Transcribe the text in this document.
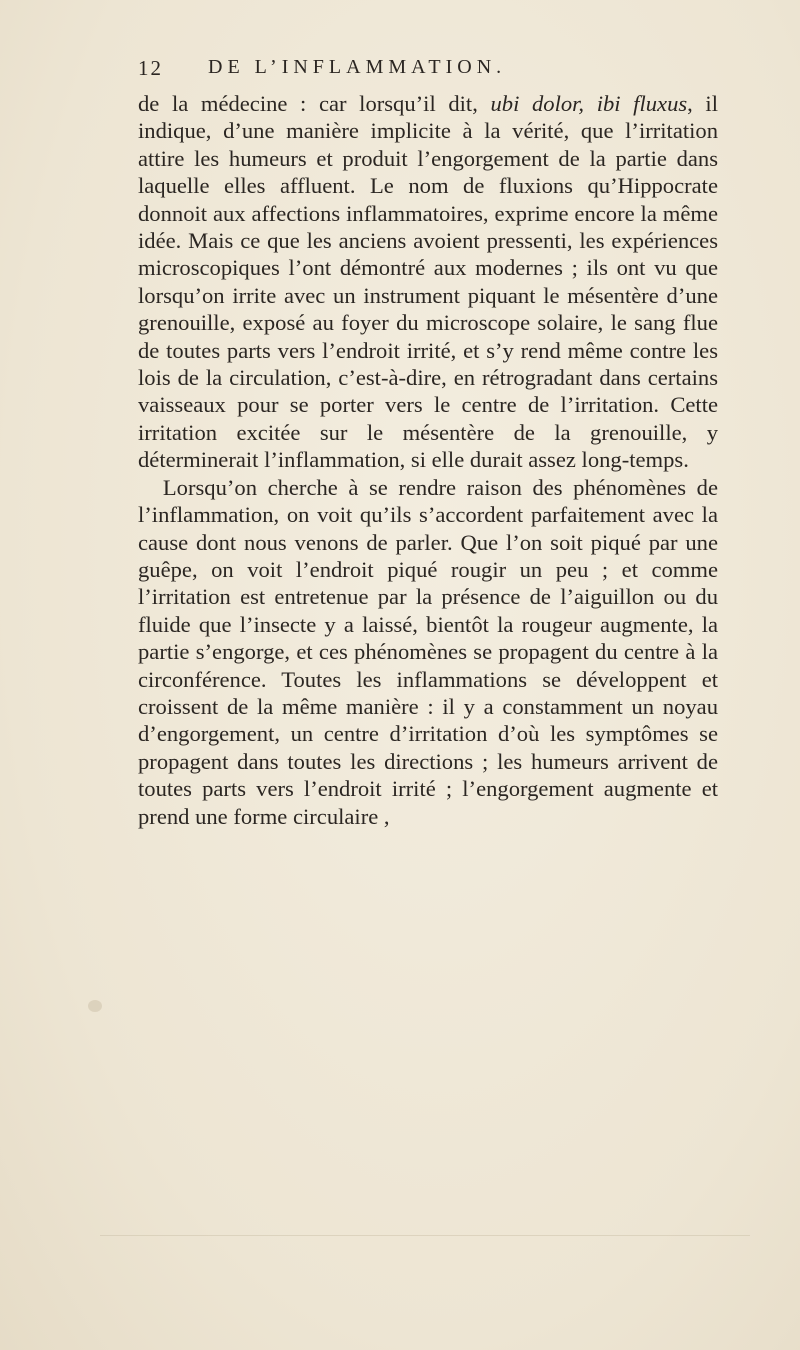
12 DE L’INFLAMMATION.

de la médecine : car lorsqu’il dit, ubi dolor, ibi fluxus, il indique, d’une manière implicite à la vérité, que l’irritation attire les humeurs et produit l’engorgement de la partie dans laquelle elles affluent. Le nom de fluxions qu’Hippocrate donnoit aux affections inflammatoires, exprime encore la même idée. Mais ce que les anciens avoient pressenti, les expériences microscopiques l’ont démontré aux modernes ; ils ont vu que lorsqu’on irrite avec un instrument piquant le mésentère d’une grenouille, exposé au foyer du microscope solaire, le sang flue de toutes parts vers l’endroit irrité, et s’y rend même contre les lois de la circulation, c’est-à-dire, en rétrogradant dans certains vaisseaux pour se porter vers le centre de l’irritation. Cette irritation excitée sur le mésentère de la grenouille, y déterminerait l’inflammation, si elle durait assez long-temps.

Lorsqu’on cherche à se rendre raison des phénomènes de l’inflammation, on voit qu’ils s’accordent parfaitement avec la cause dont nous venons de parler. Que l’on soit piqué par une guêpe, on voit l’endroit piqué rougir un peu ; et comme l’irritation est entretenue par la présence de l’aiguillon ou du fluide que l’insecte y a laissé, bientôt la rougeur augmente, la partie s’engorge, et ces phénomènes se propagent du centre à la circonférence. Toutes les inflammations se développent et croissent de la même manière : il y a constamment un noyau d’engorgement, un centre d’irritation d’où les symptômes se propagent dans toutes les directions ; les humeurs arrivent de toutes parts vers l’endroit irrité ; l’engorgement augmente et prend une forme circulaire ,
